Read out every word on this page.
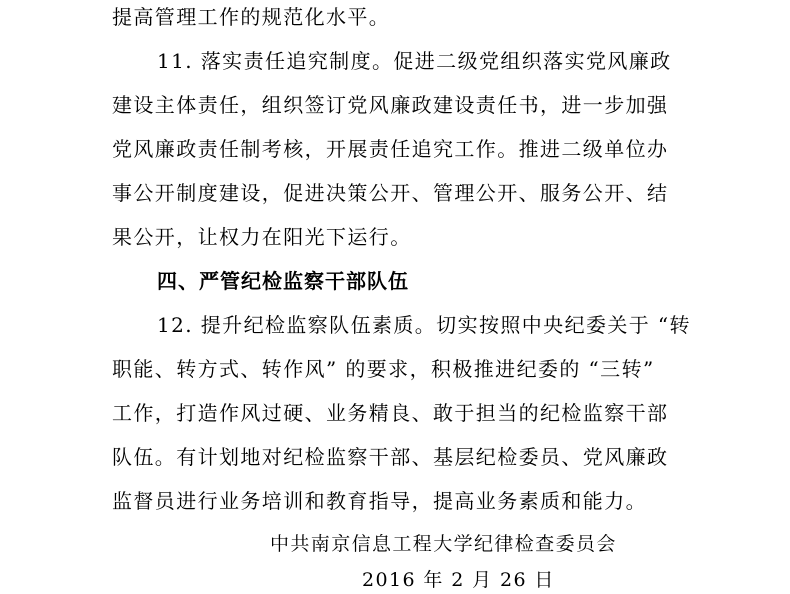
提高管理工作的规范化水平。
11. 落实责任追究制度。促进二级党组织落实党风廉政
建设主体责任，组织签订党风廉政建设责任书，进一步加强
党风廉政责任制考核，开展责任追究工作。推进二级单位办
事公开制度建设，促进决策公开、管理公开、服务公开、结
果公开，让权力在阳光下运行。
四、严管纪检监察干部队伍
12. 提升纪检监察队伍素质。切实按照中央纪委关于 “转
职能、转方式、转作风” 的要求，积极推进纪委的 “三转”
工作，打造作风过硬、业务精良、敢于担当的纪检监察干部
队伍。有计划地对纪检监察干部、基层纪检委员、党风廉政
监督员进行业务培训和教育指导，提高业务素质和能力。
中共南京信息工程大学纪律检查委员会
2016 年 2 月 26 日
